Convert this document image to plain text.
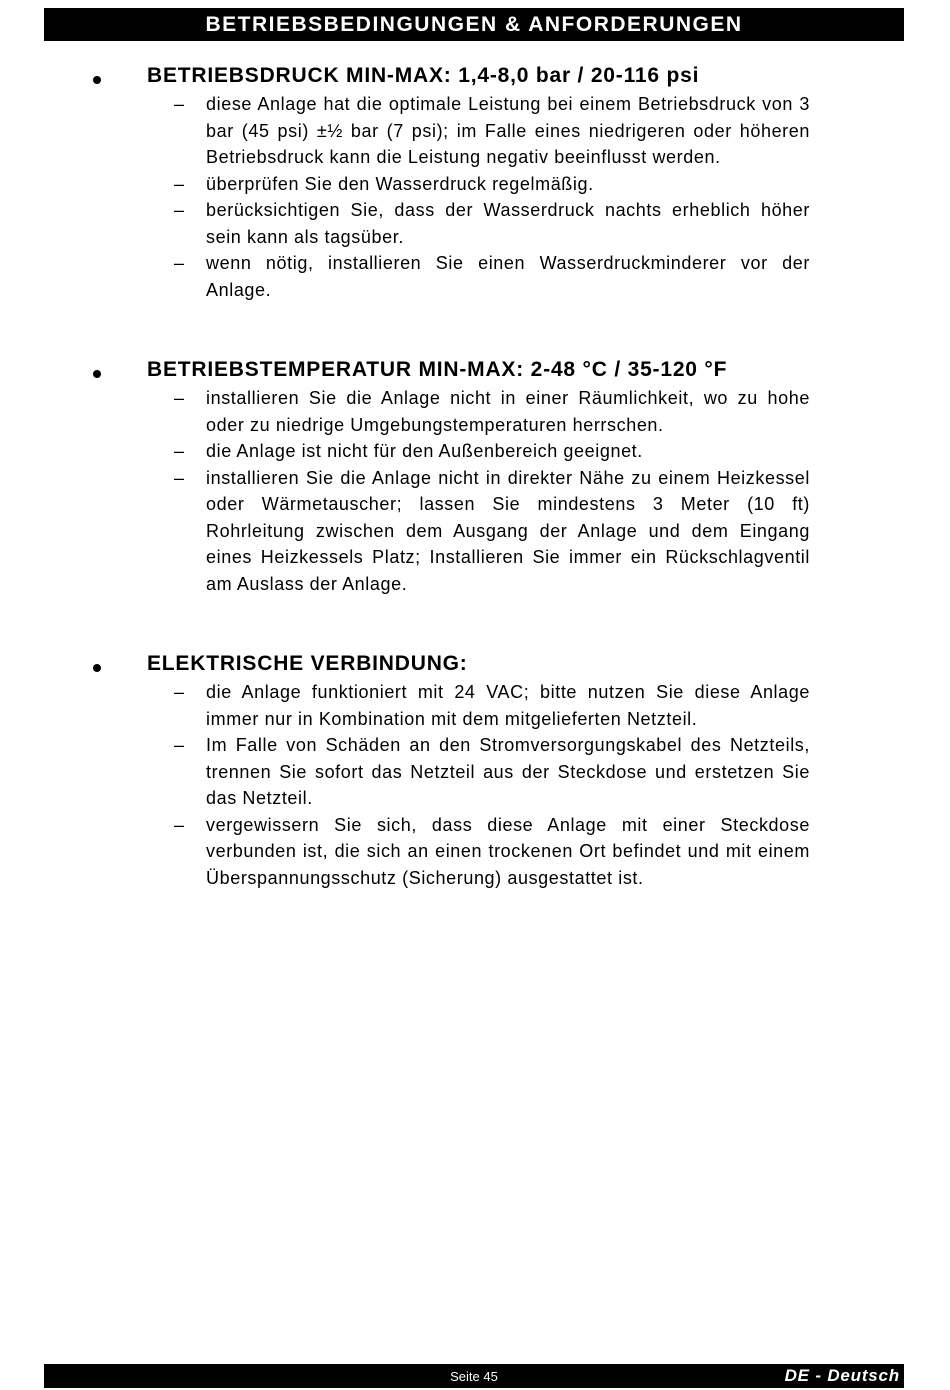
BETRIEBSBEDINGUNGEN & ANFORDERUNGEN
BETRIEBSDRUCK MIN-MAX: 1,4-8,0 bar / 20-116 psi
– diese Anlage hat die optimale Leistung bei einem Betriebsdruck von 3 bar (45 psi) ±½ bar (7 psi); im Falle eines niedrigeren oder höheren Betriebsdruck kann die Leistung negativ beeinflusst werden.
– überprüfen Sie den Wasserdruck regelmäßig.
– berücksichtigen Sie, dass der Wasserdruck nachts erheblich höher sein kann als tagsüber.
– wenn nötig, installieren Sie einen Wasserdruckminderer vor der Anlage.
BETRIEBSTEMPERATUR MIN-MAX: 2-48 °C / 35-120 °F
– installieren Sie die Anlage nicht in einer Räumlichkeit, wo zu hohe oder zu niedrige Umgebungstemperaturen herrschen.
– die Anlage ist nicht für den Außenbereich geeignet.
– installieren Sie die Anlage nicht in direkter Nähe zu einem Heizkessel oder Wärmetauscher; lassen Sie mindestens 3 Meter (10 ft) Rohrleitung zwischen dem Ausgang der Anlage und dem Eingang eines Heizkessels Platz; Installieren Sie immer ein Rückschlagventil am Auslass der Anlage.
ELEKTRISCHE VERBINDUNG:
– die Anlage funktioniert mit 24 VAC; bitte nutzen Sie diese Anlage immer nur in Kombination mit dem mitgelieferten Netzteil.
– Im Falle von Schäden an den Stromversorgungskabel des Netzteils, trennen Sie sofort das Netzteil aus der Steckdose und erstetzen Sie das Netzteil.
– vergewissern Sie sich, dass diese Anlage mit einer Steckdose verbunden ist, die sich an einen trockenen Ort befindet und mit einem Überspannungsschutz (Sicherung) ausgestattet ist.
Seite 45	DE - Deutsch
